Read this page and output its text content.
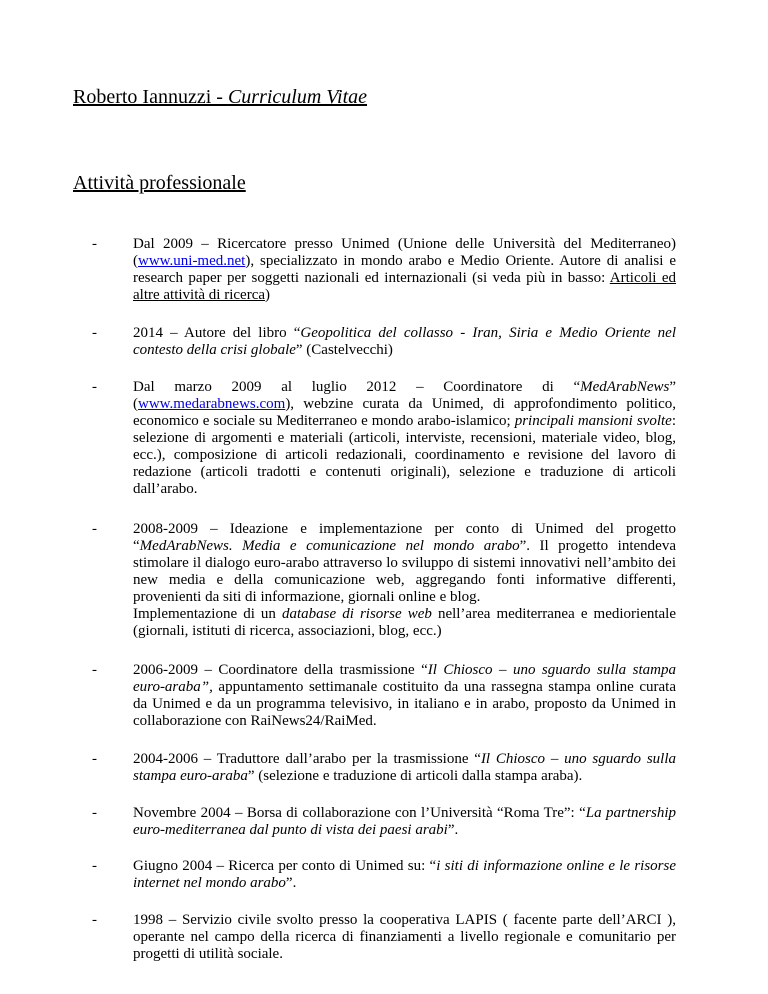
Roberto Iannuzzi - Curriculum Vitae
Attività professionale
- Dal 2009 – Ricercatore presso Unimed (Unione delle Università del Mediterraneo) (www.uni-med.net), specializzato in mondo arabo e Medio Oriente. Autore di analisi e research paper per soggetti nazionali ed internazionali (si veda più in basso: Articoli ed altre attività di ricerca)

- 2014 – Autore del libro “Geopolitica del collasso - Iran, Siria e Medio Oriente nel contesto della crisi globale” (Castelvecchi)

- Dal marzo 2009 al luglio 2012 – Coordinatore di “MedArabNews” (www.medarabnews.com), webzine curata da Unimed, di approfondimento politico, economico e sociale su Mediterraneo e mondo arabo-islamico; principali mansioni svolte: selezione di argomenti e materiali (articoli, interviste, recensioni, materiale video, blog, ecc.), composizione di articoli redazionali, coordinamento e revisione del lavoro di redazione (articoli tradotti e contenuti originali), selezione e traduzione di articoli dall’arabo.

- 2008-2009 – Ideazione e implementazione per conto di Unimed del progetto “MedArabNews. Media e comunicazione nel mondo arabo”. Il progetto intendeva stimolare il dialogo euro-arabo attraverso lo sviluppo di sistemi innovativi nell’ambito dei new media e della comunicazione web, aggregando fonti informative differenti, provenienti da siti di informazione, giornali online e blog.

Implementazione di un database di risorse web nell’area mediterranea e mediorientale (giornali, istituti di ricerca, associazioni, blog, ecc.)

- 2006-2009 – Coordinatore della trasmissione “Il Chiosco – uno sguardo sulla stampa euro-araba”, appuntamento settimanale costituito da una rassegna stampa online curata da Unimed e da un programma televisivo, in italiano e in arabo, proposto da Unimed in collaborazione con RaiNews24/RaiMed.

- 2004-2006 – Traduttore dall’arabo per la trasmissione “Il Chiosco – uno sguardo sulla stampa euro-araba” (selezione e traduzione di articoli dalla stampa araba).

- Novembre 2004 – Borsa di collaborazione con l’Università “Roma Tre”: “La partnership euro-mediterranea dal punto di vista dei paesi arabi”.

- Giugno 2004 – Ricerca per conto di Unimed su: “i siti di informazione online e le risorse internet nel mondo arabo”.

- 1998 – Servizio civile svolto presso la cooperativa LAPIS ( facente parte dell’ARCI ), operante nel campo della ricerca di finanziamenti a livello regionale e comunitario per progetti di utilità sociale.
